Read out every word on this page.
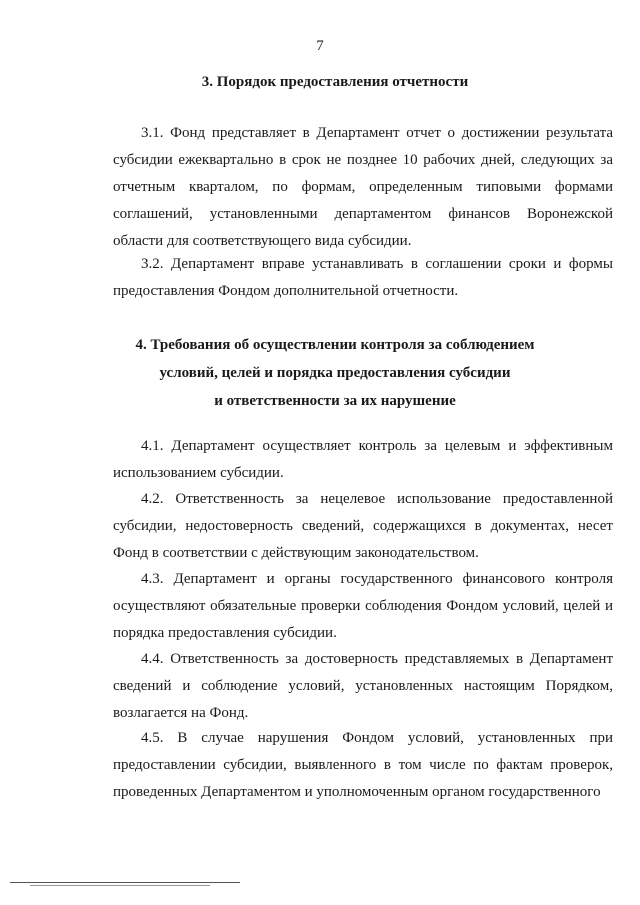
7
3. Порядок предоставления отчетности
3.1. Фонд представляет в Департамент отчет о достижении результата субсидии ежеквартально в срок не позднее 10 рабочих дней, следующих за отчетным кварталом, по формам, определенным типовыми формами соглашений, установленными департаментом финансов Воронежской области для соответствующего вида субсидии.
3.2. Департамент вправе устанавливать в соглашении сроки и формы предоставления Фондом дополнительной отчетности.
4. Требования об осуществлении контроля за соблюдением
условий, целей и порядка предоставления субсидии
и ответственности за их нарушение
4.1. Департамент осуществляет контроль за целевым и эффективным использованием субсидии.
4.2. Ответственность за нецелевое использование предоставленной субсидии, недостоверность сведений, содержащихся в документах, несет Фонд в соответствии с действующим законодательством.
4.3. Департамент и органы государственного финансового контроля осуществляют обязательные проверки соблюдения Фондом условий, целей и порядка предоставления субсидии.
4.4. Ответственность за достоверность представляемых в Департамент сведений и соблюдение условий, установленных настоящим Порядком, возлагается на Фонд.
4.5. В случае нарушения Фондом условий, установленных при предоставлении субсидии, выявленного в том числе по фактам проверок, проведенных Департаментом и уполномоченным органом государственного
